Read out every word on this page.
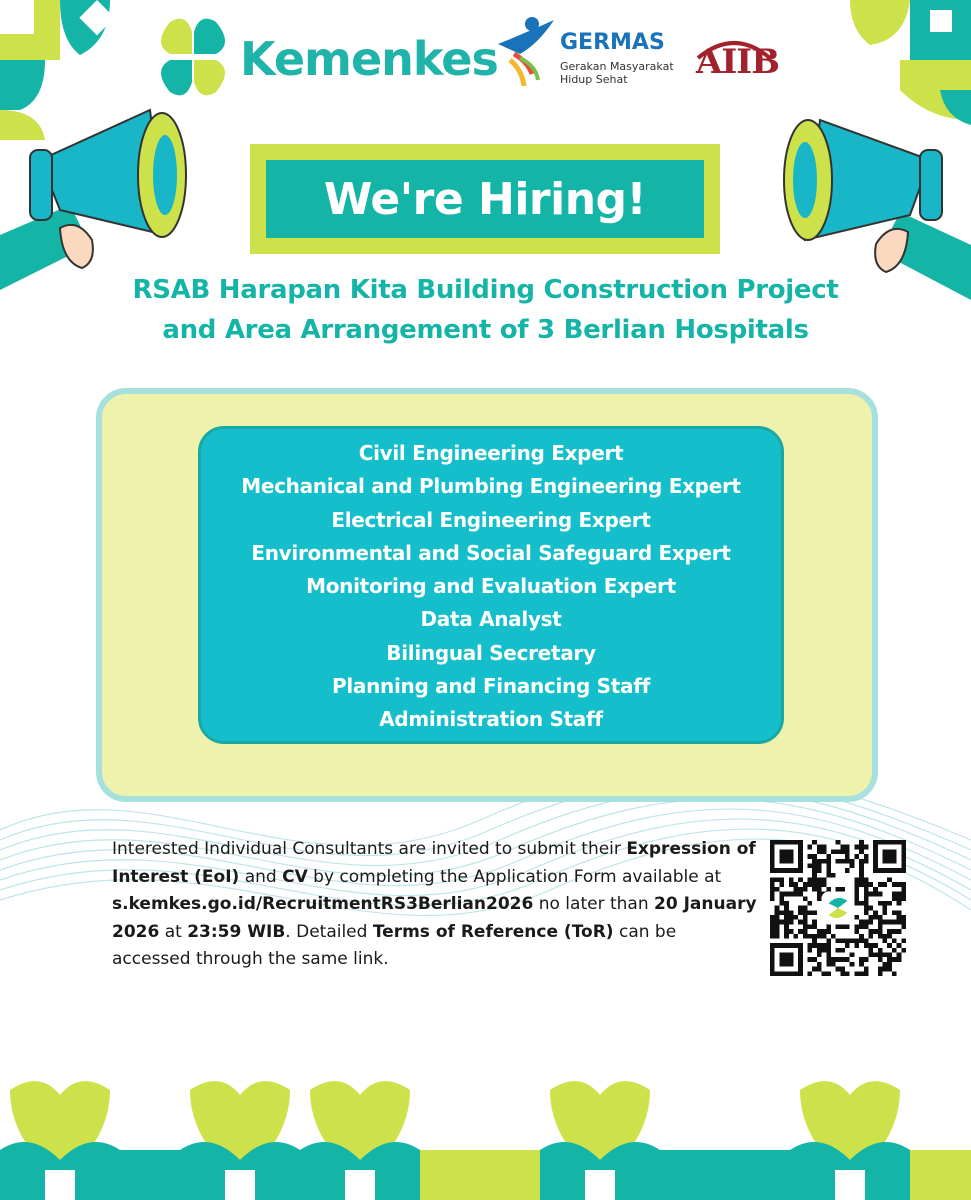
Kemenkes	GERMAS
Gerakan Masyarakat Hidup Sehat	AIIB
We're Hiring!
RSAB Harapan Kita Building Construction Project
and Area Arrangement of 3 Berlian Hospitals
Civil Engineering Expert
Mechanical and Plumbing Engineering Expert
Electrical Engineering Expert
Environmental and Social Safeguard Expert
Monitoring and Evaluation Expert
Data Analyst
Bilingual Secretary
Planning and Financing Staff
Administration Staff
Interested Individual Consultants are invited to submit their Expression of Interest (EoI) and CV by completing the Application Form available at s.kemkes.go.id/RecruitmentRS3Berlian2026 no later than 20 January 2026 at 23:59 WIB. Detailed Terms of Reference (ToR) can be accessed through the same link.
